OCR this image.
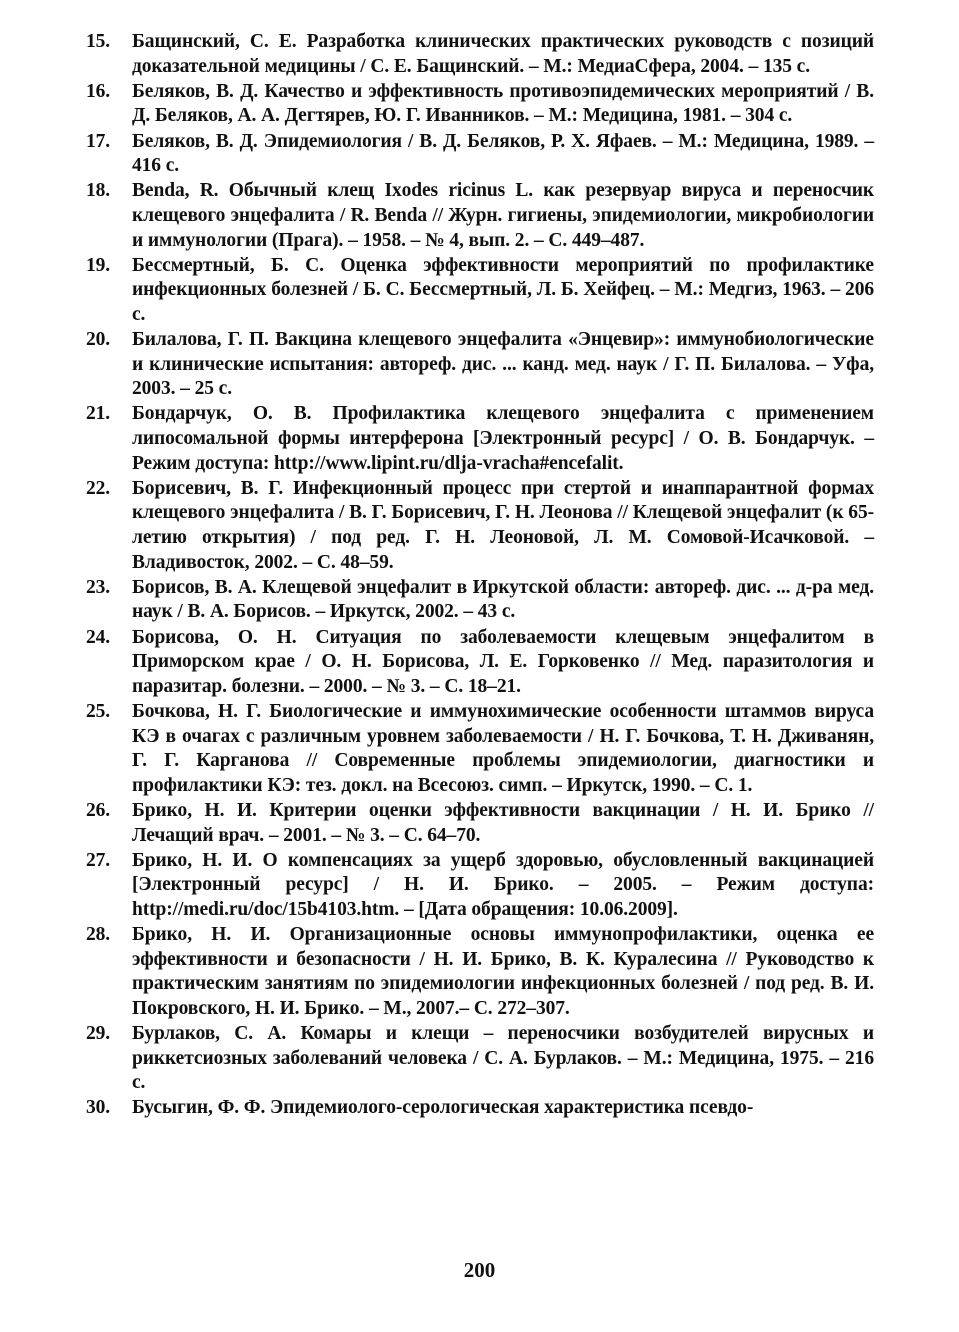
15.	Бащинский, С. Е. Разработка клинических практических руководств с позиций доказательной медицины / С. Е. Бащинский. – М.: МедиаСфера, 2004. – 135 с.
16.	Беляков, В. Д. Качество и эффективность противоэпидемических мероприятий / В. Д. Беляков, А. А. Дегтярев, Ю. Г. Иванников. – М.: Медицина, 1981. – 304 с.
17.	Беляков, В. Д. Эпидемиология / В. Д. Беляков, Р. Х. Яфаев. – М.: Медицина, 1989. – 416 с.
18.	Benda, R. Обычный клещ Ixodes ricinus L. как резервуар вируса и переносчик клещевого энцефалита / R. Benda // Журн. гигиены, эпидемиологии, микробиологии и иммунологии (Прага). – 1958. – № 4, вып. 2. – С. 449–487.
19.	Бессмертный, Б. С. Оценка эффективности мероприятий по профилактике инфекционных болезней / Б. С. Бессмертный, Л. Б. Хейфец. – М.: Медгиз, 1963. – 206 с.
20.	Билалова, Г. П. Вакцина клещевого энцефалита «Энцевир»: иммунобиологические и клинические испытания: автореф. дис. ... канд. мед. наук / Г. П. Билалова. – Уфа, 2003. – 25 с.
21.	Бондарчук, О. В. Профилактика клещевого энцефалита с применением липосомальной формы интерферона [Электронный ресурс] / О. В. Бондарчук. – Режим доступа: http://www.lipint.ru/dlja-vracha#encefalit.
22.	Борисевич, В. Г. Инфекционный процесс при стертой и инаппарантной формах клещевого энцефалита / В. Г. Борисевич, Г. Н. Леонова // Клещевой энцефалит (к 65-летию открытия) / под ред. Г. Н. Леоновой, Л. М. Сомовой-Исачковой. – Владивосток, 2002. – С. 48–59.
23.	Борисов, В. А. Клещевой энцефалит в Иркутской области: автореф. дис. ... д-ра мед. наук / В. А. Борисов. – Иркутск, 2002. – 43 с.
24.	Борисова, О. Н. Ситуация по заболеваемости клещевым энцефалитом в Приморском крае / О. Н. Борисова, Л. Е. Горковенко // Мед. паразитология и паразитар. болезни. – 2000. – № 3. – С. 18–21.
25.	Бочкова, Н. Г. Биологические и иммунохимические особенности штаммов вируса КЭ в очагах с различным уровнем заболеваемости / Н. Г. Бочкова, Т. Н. Дживанян, Г. Г. Карганова // Современные проблемы эпидемиологии, диагностики и профилактики КЭ: тез. докл. на Всесоюз. симп. – Иркутск, 1990. – С. 1.
26.	Брико, Н. И. Критерии оценки эффективности вакцинации / Н. И. Брико // Лечащий врач. – 2001. – № 3. – С. 64–70.
27.	Брико, Н. И. О компенсациях за ущерб здоровью, обусловленный вакцинацией [Электронный ресурс] / Н. И. Брико. – 2005. – Режим доступа: http://medi.ru/doc/15b4103.htm. – [Дата обращения: 10.06.2009].
28.	Брико, Н. И. Организационные основы иммунопрофилактики, оценка ее эффективности и безопасности / Н. И. Брико, В. К. Куралесина // Руководство к практическим занятиям по эпидемиологии инфекционных болезней / под ред. В. И. Покровского, Н. И. Брико. – М., 2007.– С. 272–307.
29.	Бурлаков, С. А. Комары и клещи – переносчики возбудителей вирусных и риккетсиозных заболеваний человека / С. А. Бурлаков. – М.: Медицина, 1975. – 216 с.
30.	Бусыгин, Ф. Ф. Эпидемиолого-серологическая характеристика псевдо-
200
